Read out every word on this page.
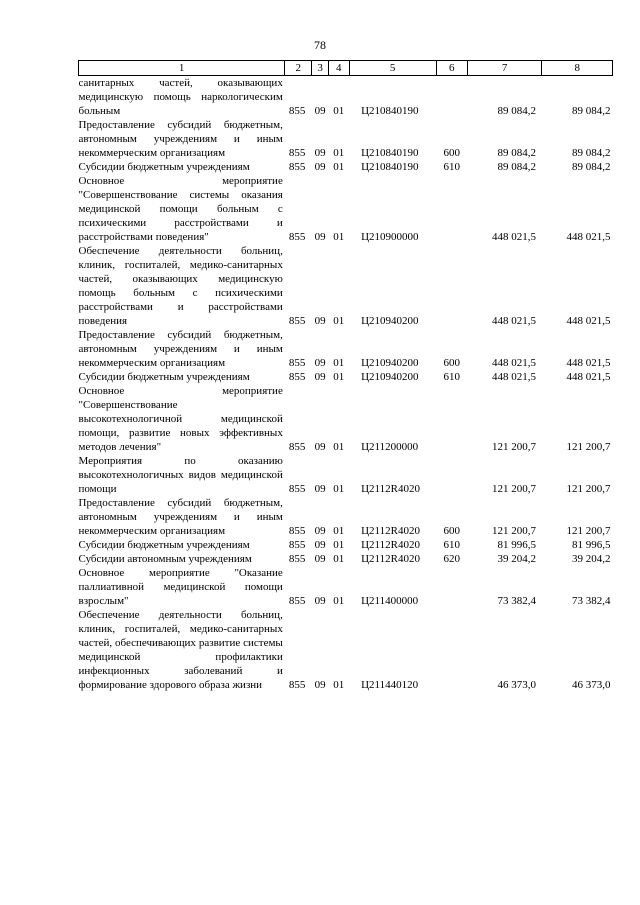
78
1	2	3	4	5	6	7	8
санитарных частей, оказывающих медицинскую помощь наркологическим больным	855	09	01	Ц210840190		89 084,2	89 084,2
Предоставление субсидий бюджетным, автономным учреждениям и иным некоммерческим организациям	855	09	01	Ц210840190	600	89 084,2	89 084,2
Субсидии бюджетным учреждениям	855	09	01	Ц210840190	610	89 084,2	89 084,2
Основное мероприятие "Совершенствование системы оказания медицинской помощи больным с психическими расстройствами и расстройствами поведения"	855	09	01	Ц210900000		448 021,5	448 021,5
Обеспечение деятельности больниц, клиник, госпиталей, медико-санитарных частей, оказывающих медицинскую помощь больным с психическими расстройствами и расстройствами поведения	855	09	01	Ц210940200		448 021,5	448 021,5
Предоставление субсидий бюджетным, автономным учреждениям и иным некоммерческим организациям	855	09	01	Ц210940200	600	448 021,5	448 021,5
Субсидии бюджетным учреждениям	855	09	01	Ц210940200	610	448 021,5	448 021,5
Основное мероприятие "Совершенствование высокотехнологичной медицинской помощи, развитие новых эффективных методов лечения"	855	09	01	Ц211200000		121 200,7	121 200,7
Мероприятия по оказанию высокотехнологичных видов медицинской помощи	855	09	01	Ц2112R4020		121 200,7	121 200,7
Предоставление субсидий бюджетным, автономным учреждениям и иным некоммерческим организациям	855	09	01	Ц2112R4020	600	121 200,7	121 200,7
Субсидии бюджетным учреждениям	855	09	01	Ц2112R4020	610	81 996,5	81 996,5
Субсидии автономным учреждениям	855	09	01	Ц2112R4020	620	39 204,2	39 204,2
Основное мероприятие "Оказание паллиативной медицинской помощи взрослым"	855	09	01	Ц211400000		73 382,4	73 382,4
Обеспечение деятельности больниц, клиник, госпиталей, медико-санитарных частей, обеспечивающих развитие системы медицинской профилактики инфекционных заболеваний и формирование здорового образа жизни	855	09	01	Ц211440120		46 373,0	46 373,0
